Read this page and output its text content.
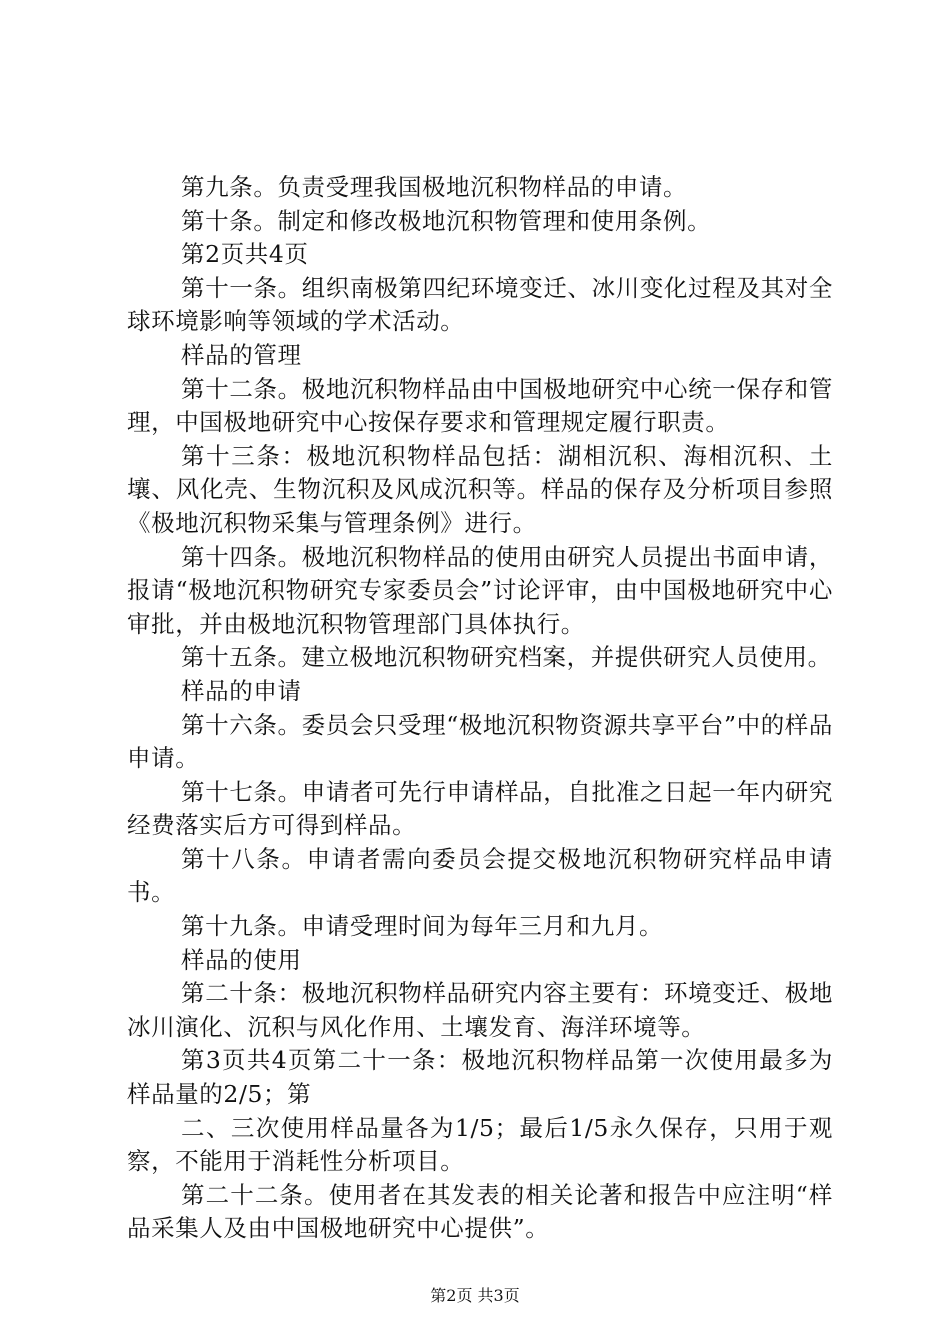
第九条。负责受理我国极地沉积物样品的申请。

第十条。制定和修改极地沉积物管理和使用条例。

第2页共4页

第十一条。组织南极第四纪环境变迁、冰川变化过程及其对全球环境影响等领域的学术活动。

样品的管理

第十二条。极地沉积物样品由中国极地研究中心统一保存和管理，中国极地研究中心按保存要求和管理规定履行职责。

第十三条：极地沉积物样品包括：湖相沉积、海相沉积、土壤、风化壳、生物沉积及风成沉积等。样品的保存及分析项目参照《极地沉积物采集与管理条例》进行。

第十四条。极地沉积物样品的使用由研究人员提出书面申请，报请“极地沉积物研究专家委员会”讨论评审，由中国极地研究中心审批，并由极地沉积物管理部门具体执行。

第十五条。建立极地沉积物研究档案，并提供研究人员使用。

样品的申请

第十六条。委员会只受理“极地沉积物资源共享平台”中的样品申请。

第十七条。申请者可先行申请样品，自批准之日起一年内研究经费落实后方可得到样品。

第十八条。申请者需向委员会提交极地沉积物研究样品申请书。

第十九条。申请受理时间为每年三月和九月。

样品的使用

第二十条：极地沉积物样品研究内容主要有：环境变迁、极地冰川演化、沉积与风化作用、土壤发育、海洋环境等。

第3页共4页第二十一条：极地沉积物样品第一次使用最多为样品量的2/5；第

二、三次使用样品量各为1/5；最后1/5永久保存，只用于观察，不能用于消耗性分析项目。

第二十二条。使用者在其发表的相关论著和报告中应注明“样品采集人及由中国极地研究中心提供”。

第2页 共3页
